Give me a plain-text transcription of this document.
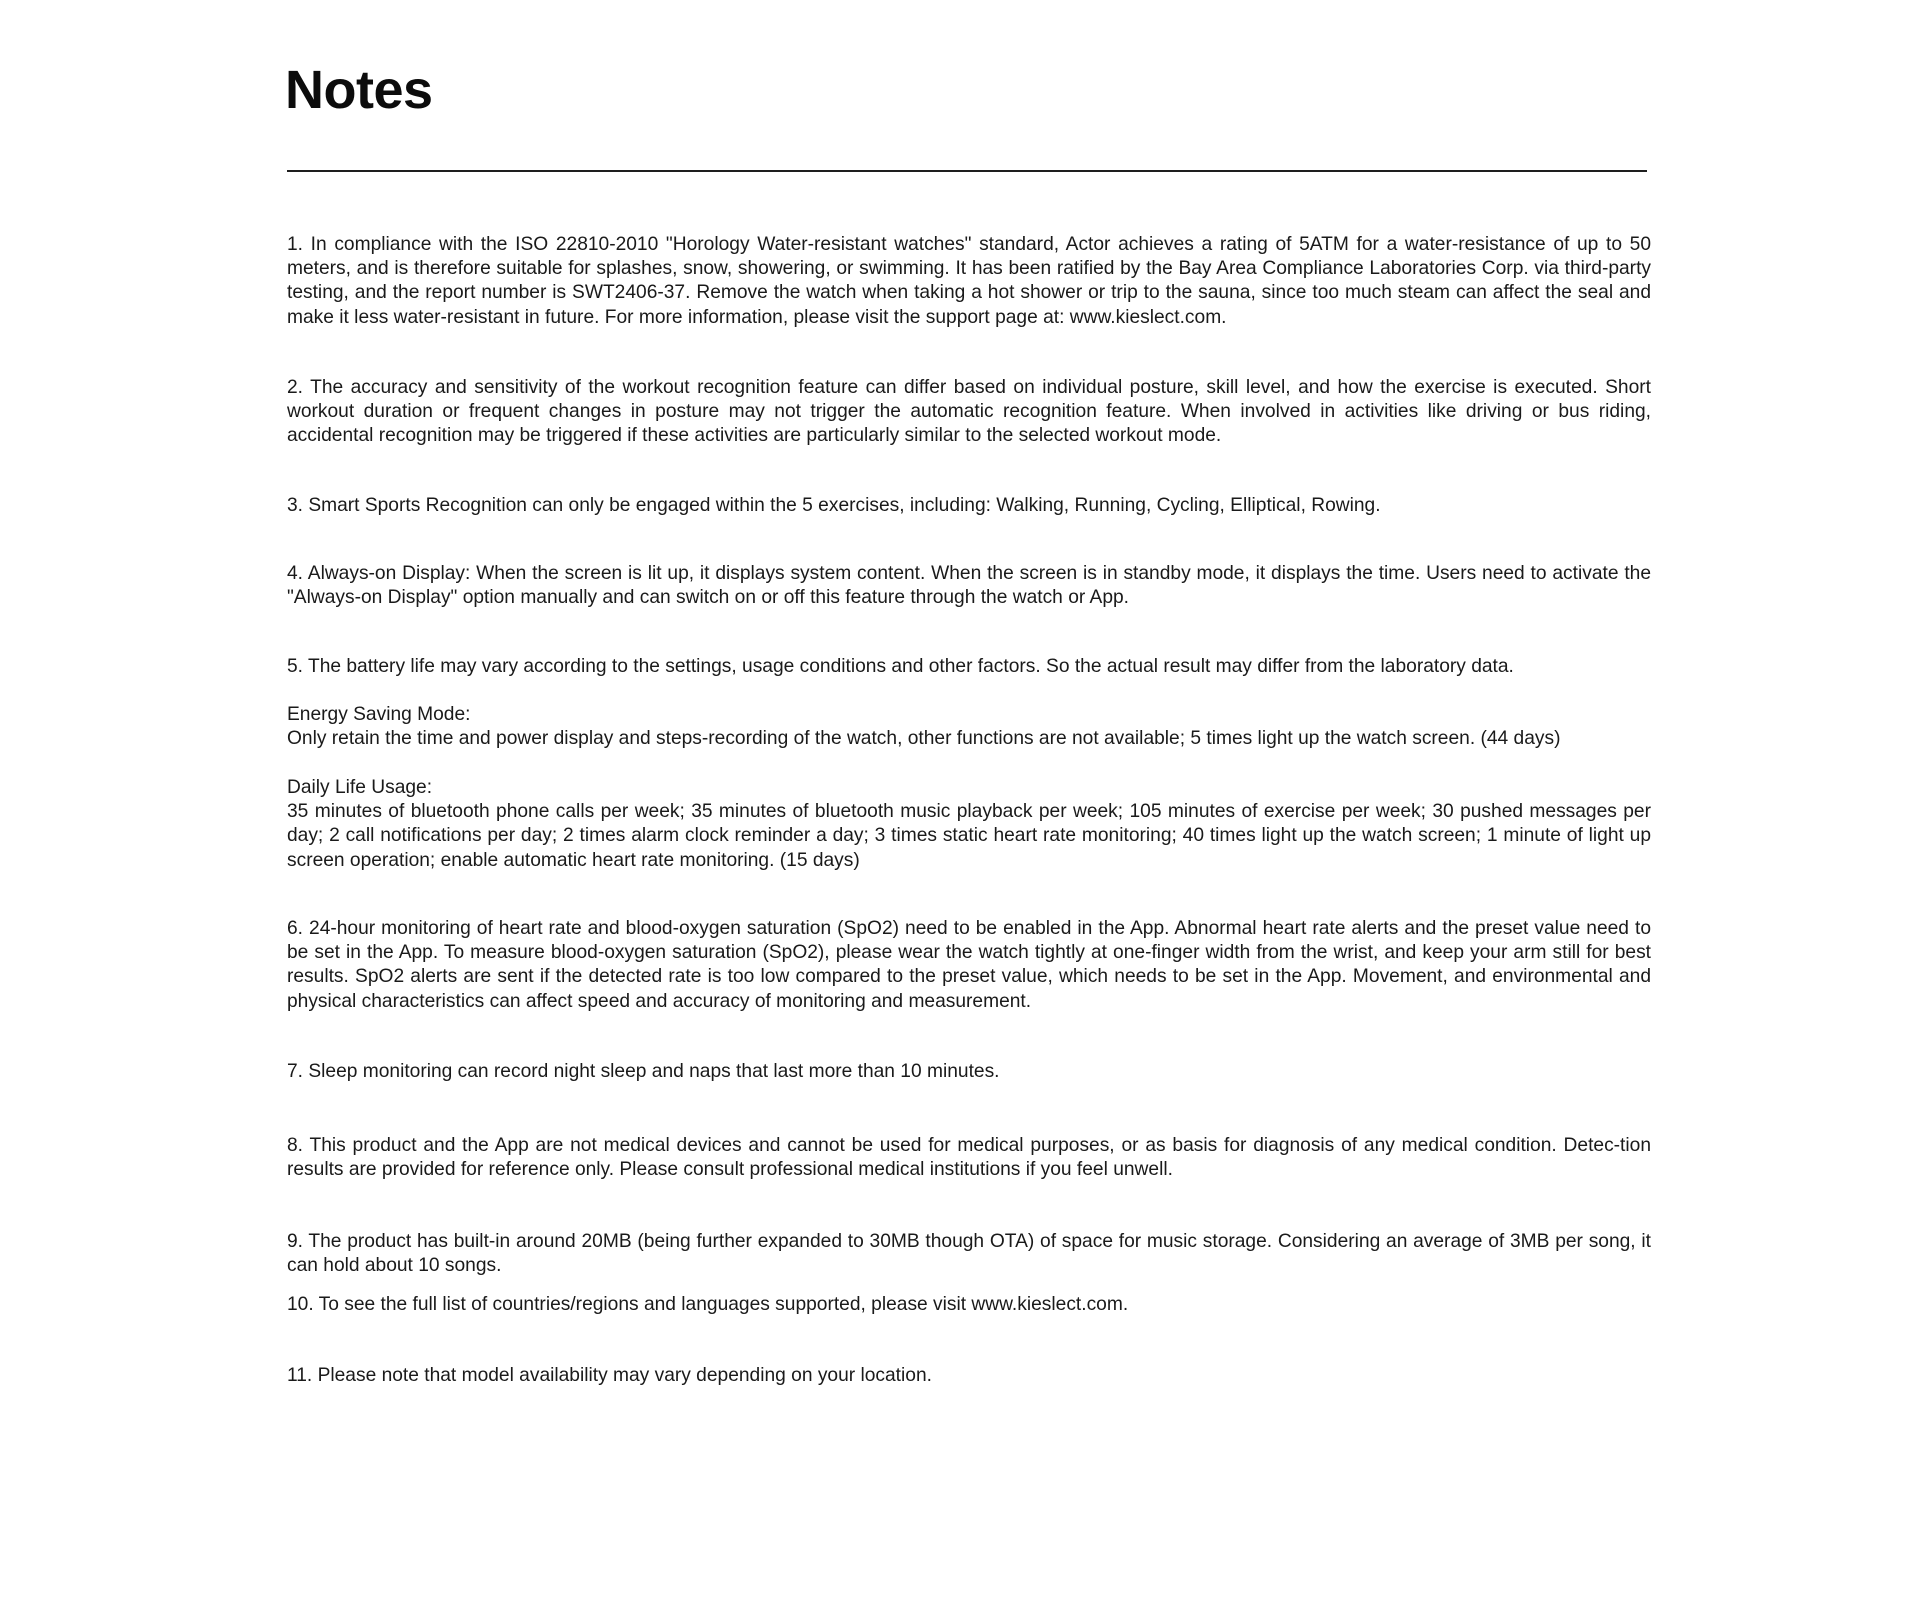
Notes

1. In compliance with the ISO 22810-2010 "Horology Water-resistant watches" standard, Actor achieves a rating of 5ATM for a water-resistance of up to 50 meters, and is therefore suitable for splashes, snow, showering, or swimming. It has been ratified by the Bay Area Compliance Laboratories Corp. via third-party testing, and the report number is SWT2406-37. Remove the watch when taking a hot shower or trip to the sauna, since too much steam can affect the seal and make it less water-resistant in future. For more information, please visit the support page at: www.kieslect.com.

2. The accuracy and sensitivity of the workout recognition feature can differ based on individual posture, skill level, and how the exercise is executed. Short workout duration or frequent changes in posture may not trigger the automatic recognition feature. When involved in activities like driving or bus riding, accidental recognition may be triggered if these activities are particularly similar to the selected workout mode.

3. Smart Sports Recognition can only be engaged within the 5 exercises, including: Walking, Running, Cycling, Elliptical, Rowing.

4. Always-on Display: When the screen is lit up, it displays system content. When the screen is in standby mode, it displays the time. Users need to activate the "Always-on Display" option manually and can switch on or off this feature through the watch or App.

5. The battery life may vary according to the settings, usage conditions and other factors. So the actual result may differ from the laboratory data.

Energy Saving Mode:
Only retain the time and power display and steps-recording of the watch, other functions are not available; 5 times light up the watch screen. (44 days)
Daily Life Usage:
35 minutes of bluetooth phone calls per week; 35 minutes of bluetooth music playback per week; 105 minutes of exercise per week; 30 pushed messages per day; 2 call notifications per day; 2 times alarm clock reminder a day; 3 times static heart rate monitoring; 40 times light up the watch screen; 1 minute of light up screen operation; enable automatic heart rate monitoring. (15 days)

6. 24-hour monitoring of heart rate and blood-oxygen saturation (SpO2) need to be enabled in the App. Abnormal heart rate alerts and the preset value need to be set in the App. To measure blood-oxygen saturation (SpO2), please wear the watch tightly at one-finger width from the wrist, and keep your arm still for best results. SpO2 alerts are sent if the detected rate is too low compared to the preset value, which needs to be set in the App. Movement, and environmental and physical characteristics can affect speed and accuracy of monitoring and measurement.

7. Sleep monitoring can record night sleep and naps that last more than 10 minutes.

8. This product and the App are not medical devices and cannot be used for medical purposes, or as basis for diagnosis of any medical condition. Detec-tion results are provided for reference only. Please consult professional medical institutions if you feel unwell.

9. The product has built-in around 20MB (being further expanded to 30MB though OTA) of space for music storage. Considering an average of 3MB per song, it can hold about 10 songs.

10. To see the full list of countries/regions and languages supported, please visit www.kieslect.com.

11. Please note that model availability may vary depending on your location.
